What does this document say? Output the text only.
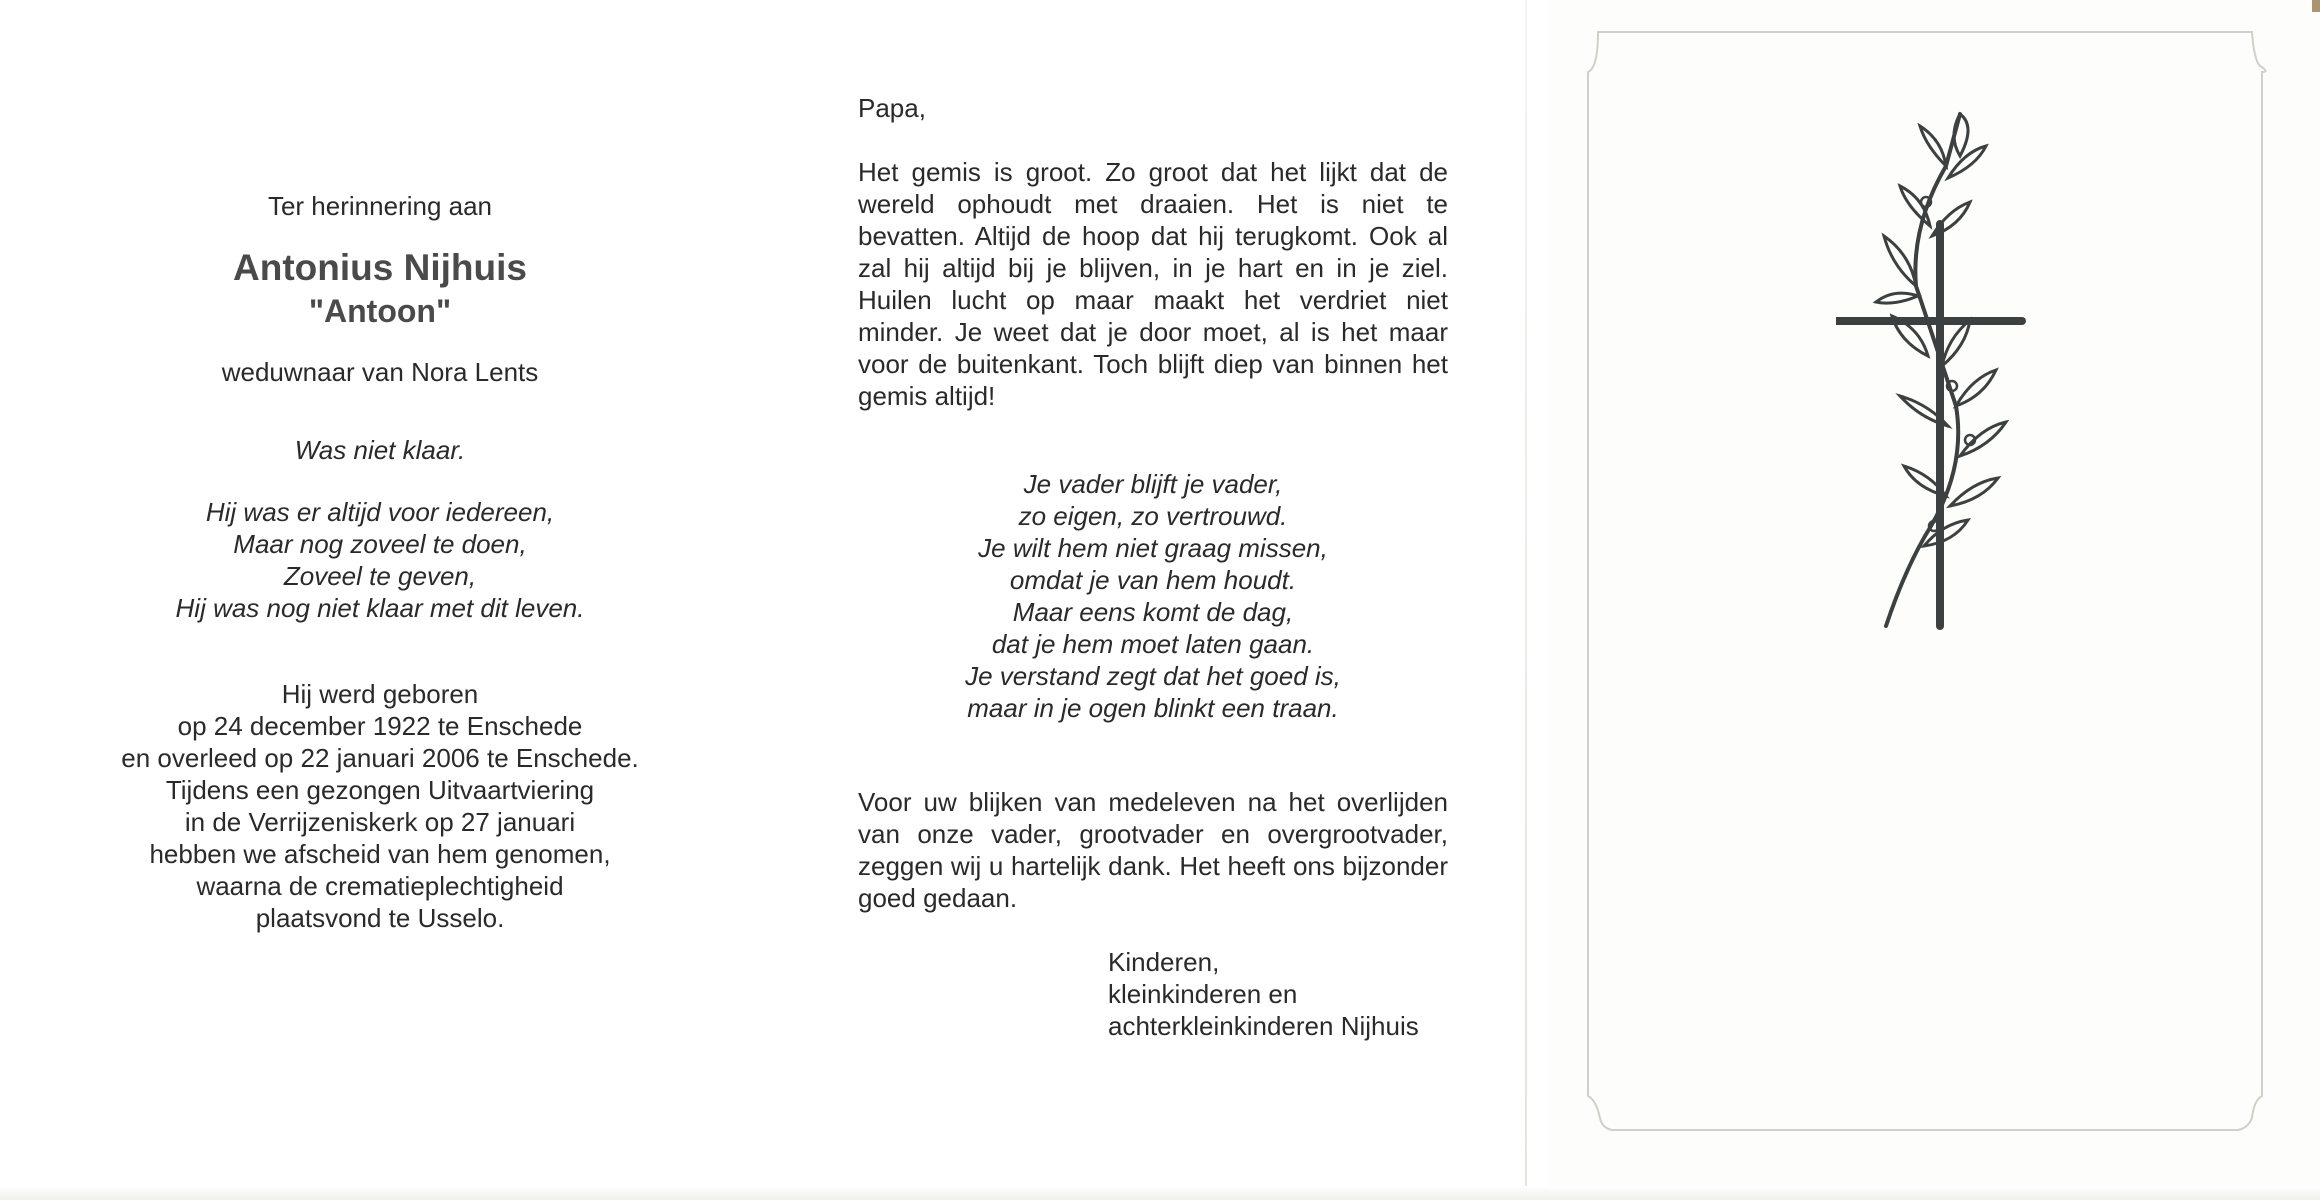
Ter herinnering aan
Antonius Nijhuis
"Antoon"
weduwnaar van Nora Lents
Was niet klaar.
Hij was er altijd voor iedereen,
Maar nog zoveel te doen,
Zoveel te geven,
Hij was nog niet klaar met dit leven.
Hij werd geboren
op 24 december 1922 te Enschede
en overleed op 22 januari 2006 te Enschede.
Tijdens een gezongen Uitvaartviering
in de Verrijzeniskerk op 27 januari
hebben we afscheid van hem genomen,
waarna de crematieplechtigheid
plaatsvond te Usselo.
Papa,
Het gemis is groot. Zo groot dat het lijkt dat de wereld ophoudt met draaien. Het is niet te bevatten. Altijd de hoop dat hij terugkomt. Ook al zal hij altijd bij je blijven, in je hart en in je ziel. Huilen lucht op maar maakt het verdriet niet minder. Je weet dat je door moet, al is het maar voor de buitenkant. Toch blijft diep van binnen het gemis altijd!
Je vader blijft je vader,
zo eigen, zo vertrouwd.
Je wilt hem niet graag missen,
omdat je van hem houdt.
Maar eens komt de dag,
dat je hem moet laten gaan.
Je verstand zegt dat het goed is,
maar in je ogen blinkt een traan.
Voor uw blijken van medeleven na het overlijden van onze vader, grootvader en overgrootvader, zeggen wij u hartelijk dank. Het heeft ons bijzonder goed gedaan.
Kinderen,
kleinkinderen en
achterkleinkinderen Nijhuis
